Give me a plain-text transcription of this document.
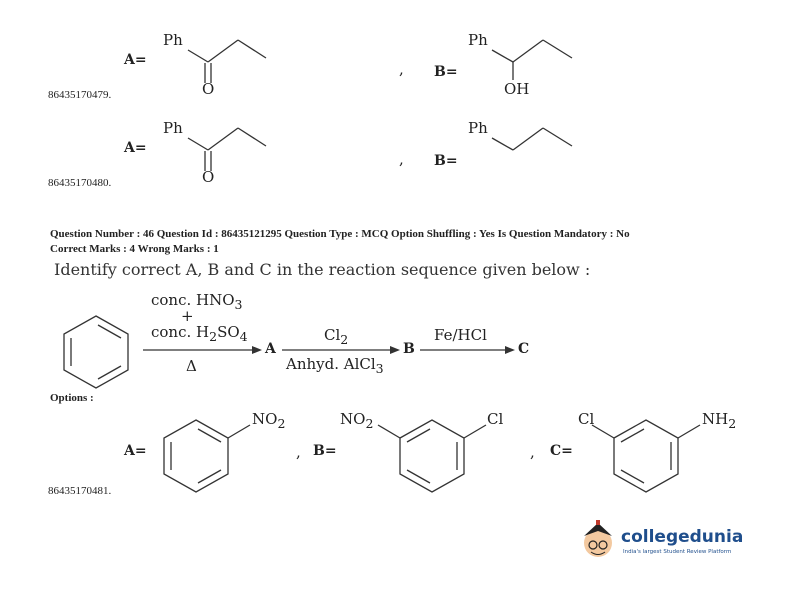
A=
Ph
O
, B=
Ph
OH
86435170479.
A=
Ph
O
, B=
Ph
86435170480.
Question Number : 46 Question Id : 86435121295 Question Type : MCQ Option Shuffling : Yes Is Question Mandatory : No
Correct Marks : 4 Wrong Marks : 1
Identify correct A, B and C in the reaction sequence given below :
conc. $HNO_3$
+
conc. $H_2SO_4$
Δ
A
$Cl_2$
Anhyd. AlCl$_3$
B
Fe/HCl
C
Options :
A=
$NO_2$
, B=
$NO_2$	Cl
, C=
Cl	$NH_2$
86435170481.
collegedunia
India's largest Student Review Platform
